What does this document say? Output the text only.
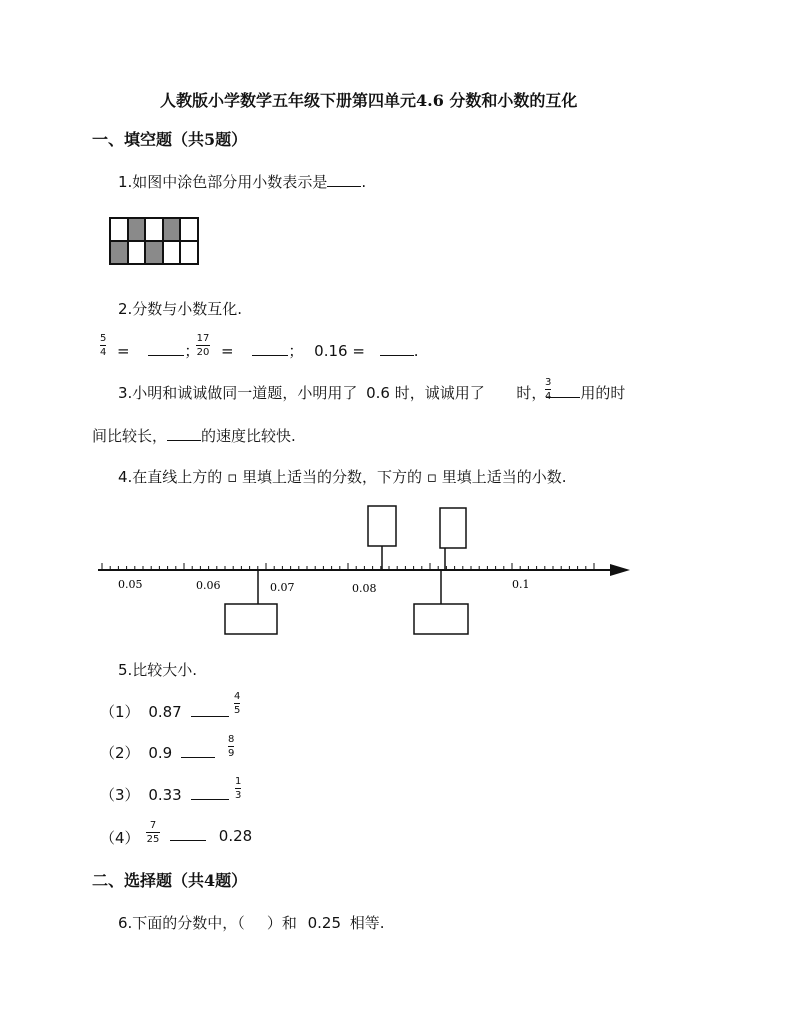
人教版小学数学五年级下册第四单元4.6 分数和小数的互化
一、填空题（共5题）
1.如图中涂色部分用小数表示是 .
2.分数与小数互化.
5
4 =	；
17
20 =	； 0.16 =	.
3.小明和诚诚做同一道题，小明用了 0.6 时，诚诚用了 时， 用的时
3
4
间比较长， 的速度比较快.
4.在直线上方的 ▫ 里填上适当的分数，下方的 ▫ 里填上适当的小数.
0.05	0.06	0.07	0.08	0.1
5.比较大小.
（1） 0.87
4
5
（2） 0.9
8
9
（3） 0.33
1
3
（4）
7
25	0.28
二、选择题（共4题）
6.下面的分数中，（ ）和 0.25 相等.
